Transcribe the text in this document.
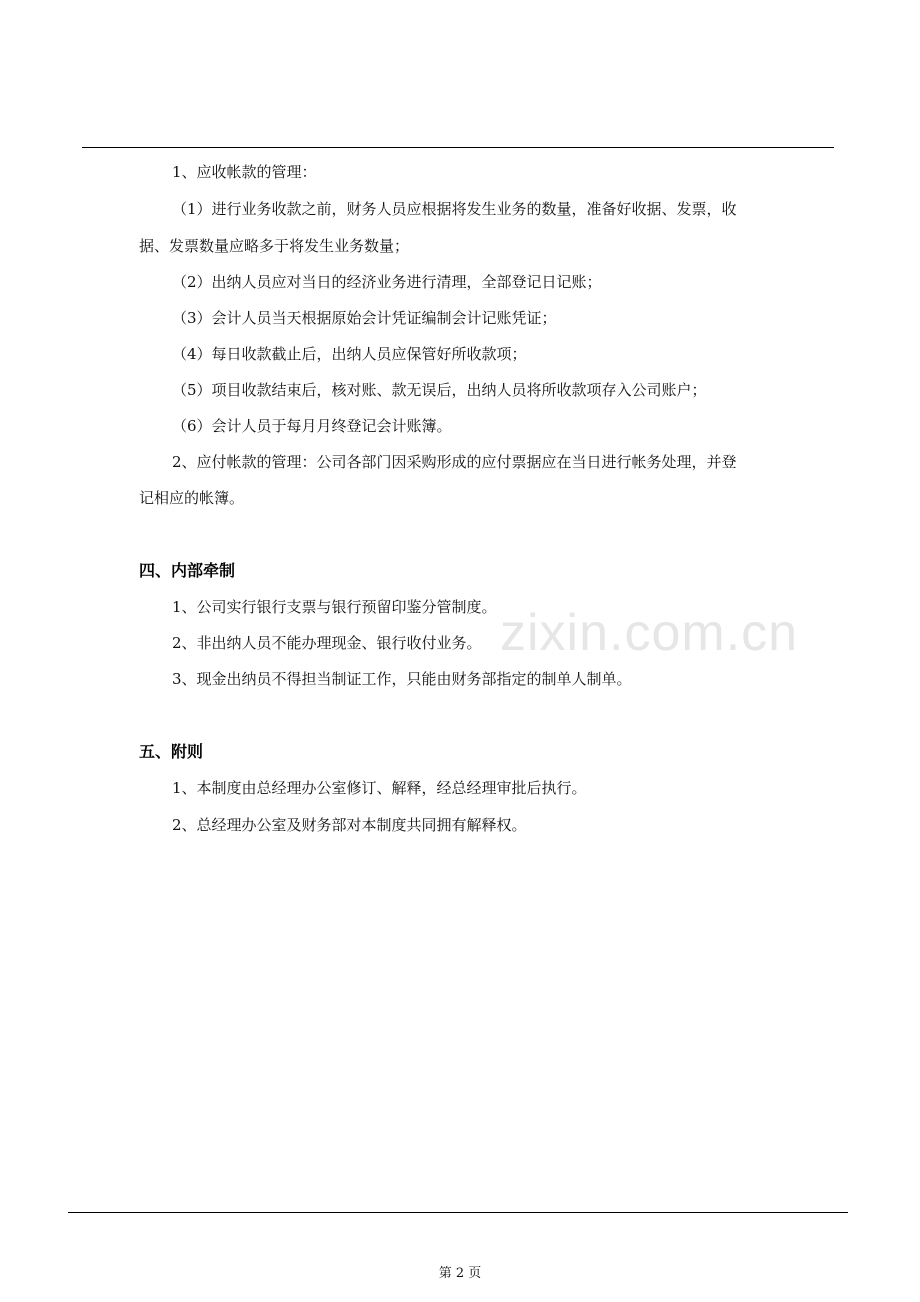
zixin.com.cn
1、应收帐款的管理：
（1）进行业务收款之前，财务人员应根据将发生业务的数量，准备好收据、发票，收
据、发票数量应略多于将发生业务数量；
（2）出纳人员应对当日的经济业务进行清理，全部登记日记账；
（3）会计人员当天根据原始会计凭证编制会计记账凭证；
（4）每日收款截止后，出纳人员应保管好所收款项；
（5）项目收款结束后，核对账、款无误后，出纳人员将所收款项存入公司账户；
（6）会计人员于每月月终登记会计账簿。
2、应付帐款的管理：公司各部门因采购形成的应付票据应在当日进行帐务处理，并登
记相应的帐簿。
四、内部牵制
1、公司实行银行支票与银行预留印鉴分管制度。
2、非出纳人员不能办理现金、银行收付业务。
3、现金出纳员不得担当制证工作，只能由财务部指定的制单人制单。
五、附则
1、本制度由总经理办公室修订、解释，经总经理审批后执行。
2、总经理办公室及财务部对本制度共同拥有解释权。
第 2 页
